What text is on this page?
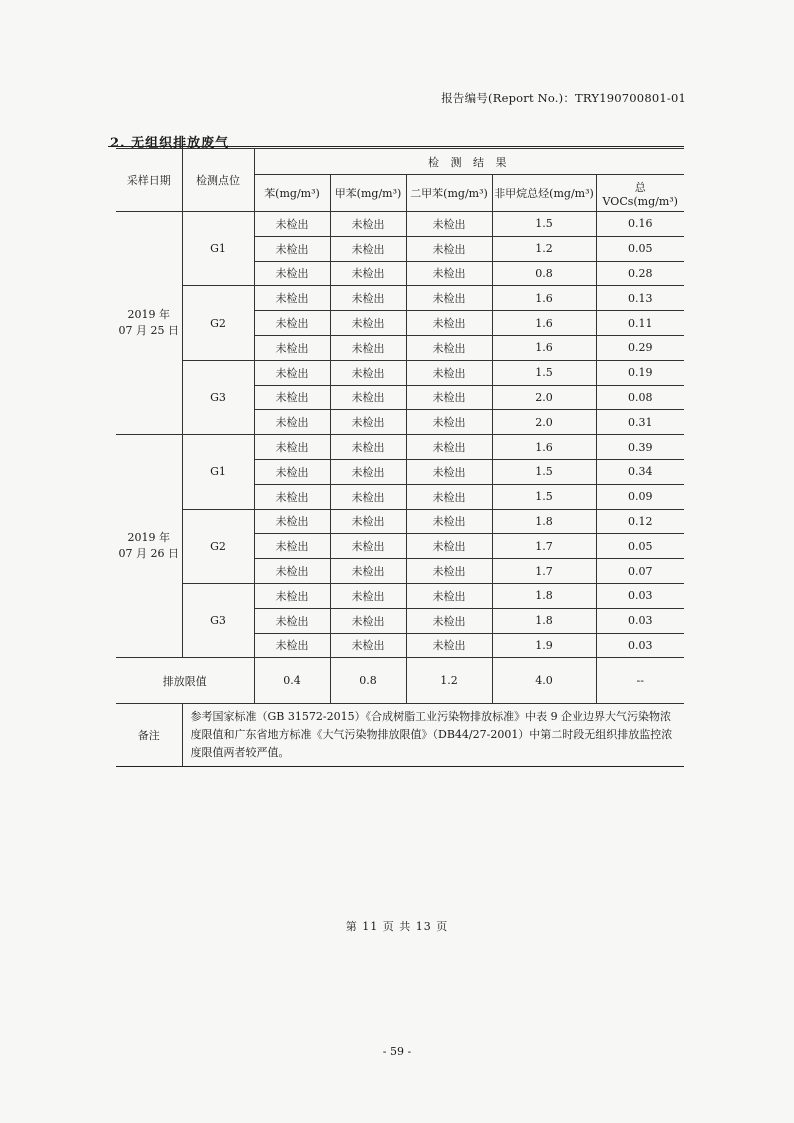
报告编号(Report No.)：TRY190700801-01
2. 无组织排放废气
采样日期	检测点位	检 测 结 果				
		苯(mg/m³)	甲苯(mg/m³)	二甲苯(mg/m³)	非甲烷总烃(mg/m³)	总 VOCs(mg/m³)
2019 年
07 月 25 日	G1	未检出	未检出	未检出	1.5	0.16
		未检出	未检出	未检出	1.2	0.05
		未检出	未检出	未检出	0.8	0.28
	G2	未检出	未检出	未检出	1.6	0.13
		未检出	未检出	未检出	1.6	0.11
		未检出	未检出	未检出	1.6	0.29
	G3	未检出	未检出	未检出	1.5	0.19
		未检出	未检出	未检出	2.0	0.08
		未检出	未检出	未检出	2.0	0.31
2019 年
07 月 26 日	G1	未检出	未检出	未检出	1.6	0.39
		未检出	未检出	未检出	1.5	0.34
		未检出	未检出	未检出	1.5	0.09
	G2	未检出	未检出	未检出	1.8	0.12
		未检出	未检出	未检出	1.7	0.05
		未检出	未检出	未检出	1.7	0.07
	G3	未检出	未检出	未检出	1.8	0.03
		未检出	未检出	未检出	1.8	0.03
		未检出	未检出	未检出	1.9	0.03
排放限值		0.4	0.8	1.2	4.0	--
备注	参考国家标准（GB 31572-2015）《合成树脂工业污染物排放标准》中表 9 企业边界大气污染物浓度限值和广东省地方标准《大气污染物排放限值》（DB44/27-2001）中第二时段无组织排放监控浓度限值两者较严值。					
第 11 页 共 13 页
- 59 -
